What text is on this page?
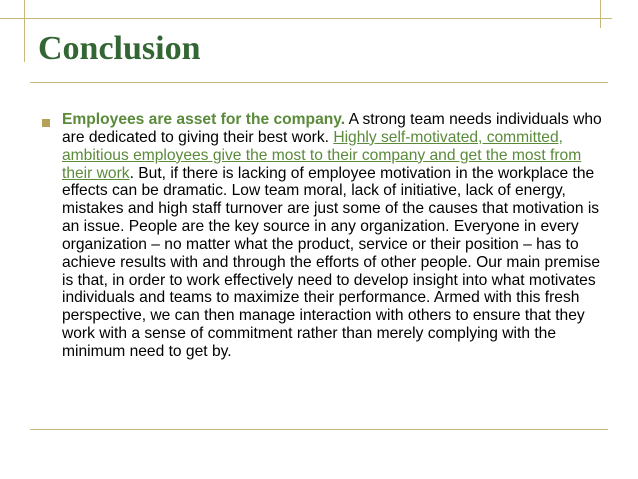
Conclusion

Employees are asset for the company. A strong team needs individuals who are dedicated to giving their best work. Highly self-motivated, committed, ambitious employees give the most to their company and get the most from their work. But, if there is lacking of employee motivation in the workplace the effects can be dramatic. Low team moral, lack of initiative, lack of energy, mistakes and high staff turnover are just some of the causes that motivation is an issue. People are the key source in any organization. Everyone in every organization – no matter what the product, service or their position – has to achieve results with and through the efforts of other people. Our main premise is that, in order to work effectively need to develop insight into what motivates individuals and teams to maximize their performance. Armed with this fresh perspective, we can then manage interaction with others to ensure that they work with a sense of commitment rather than merely complying with the minimum need to get by.
